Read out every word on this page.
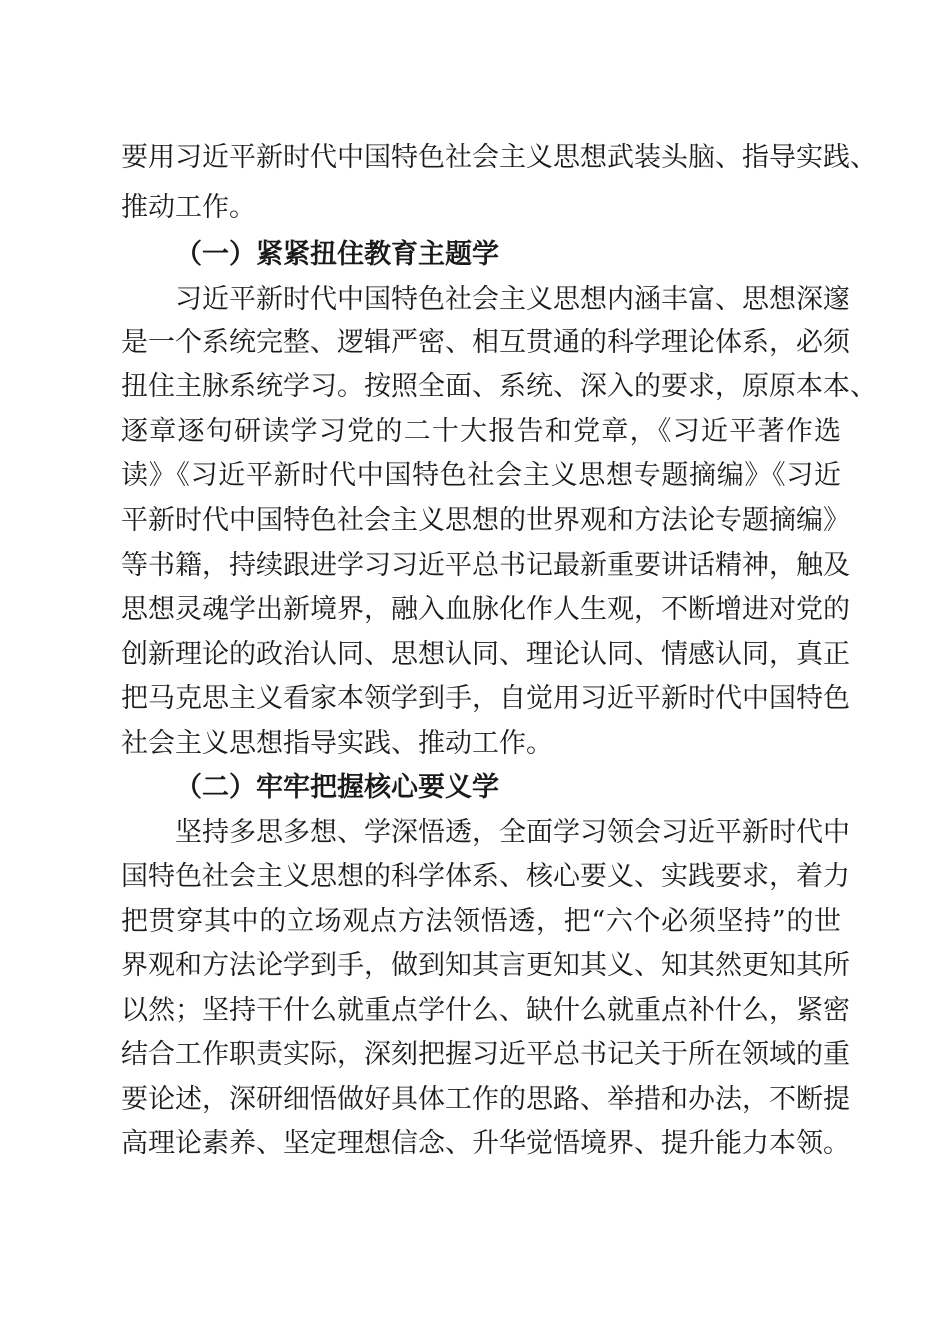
要用习近平新时代中国特色社会主义思想武装头脑、指导实践、
推动工作。
（一）紧紧扭住教育主题学
习近平新时代中国特色社会主义思想内涵丰富、思想深邃
是一个系统完整、逻辑严密、相互贯通的科学理论体系，必须
扭住主脉系统学习。按照全面、系统、深入的要求，原原本本、
逐章逐句研读学习党的二十大报告和党章，《习近平著作选
读》《习近平新时代中国特色社会主义思想专题摘编》《习近
平新时代中国特色社会主义思想的世界观和方法论专题摘编》
等书籍，持续跟进学习习近平总书记最新重要讲话精神，触及
思想灵魂学出新境界，融入血脉化作人生观，不断增进对党的
创新理论的政治认同、思想认同、理论认同、情感认同，真正
把马克思主义看家本领学到手，自觉用习近平新时代中国特色
社会主义思想指导实践、推动工作。
（二）牢牢把握核心要义学
坚持多思多想、学深悟透，全面学习领会习近平新时代中
国特色社会主义思想的科学体系、核心要义、实践要求，着力
把贯穿其中的立场观点方法领悟透，把“六个必须坚持”的世
界观和方法论学到手，做到知其言更知其义、知其然更知其所
以然；坚持干什么就重点学什么、缺什么就重点补什么，紧密
结合工作职责实际，深刻把握习近平总书记关于所在领域的重
要论述，深研细悟做好具体工作的思路、举措和办法，不断提
高理论素养、坚定理想信念、升华觉悟境界、提升能力本领。
